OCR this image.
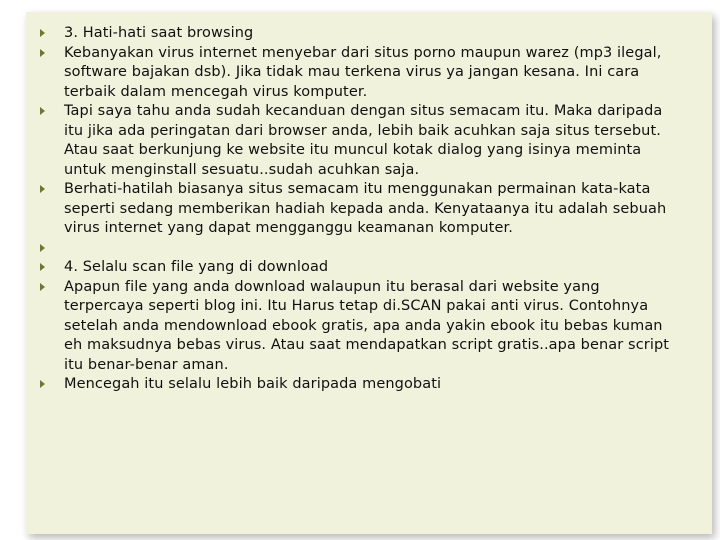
3. Hati-hati saat browsing
Kebanyakan virus internet menyebar dari situs porno maupun warez (mp3 ilegal, software bajakan dsb). Jika tidak mau terkena virus ya jangan kesana. Ini cara terbaik dalam mencegah virus komputer.
Tapi saya tahu anda sudah kecanduan dengan situs semacam itu. Maka daripada itu jika ada peringatan dari browser anda, lebih baik acuhkan saja situs tersebut. Atau saat berkunjung ke website itu muncul kotak dialog yang isinya meminta untuk menginstall sesuatu..sudah acuhkan saja.
Berhati-hatilah biasanya situs semacam itu menggunakan permainan kata-kata seperti sedang memberikan hadiah kepada anda. Kenyataanya itu adalah sebuah virus internet yang dapat mengganggu keamanan komputer.
4. Selalu scan file yang di download
Apapun file yang anda download walaupun itu berasal dari website yang terpercaya seperti blog ini. Itu Harus tetap di.SCAN pakai anti virus. Contohnya setelah anda mendownload ebook gratis, apa anda yakin ebook itu bebas kuman eh maksudnya bebas virus. Atau saat mendapatkan script gratis..apa benar script itu benar-benar aman.
Mencegah itu selalu lebih baik daripada mengobati
